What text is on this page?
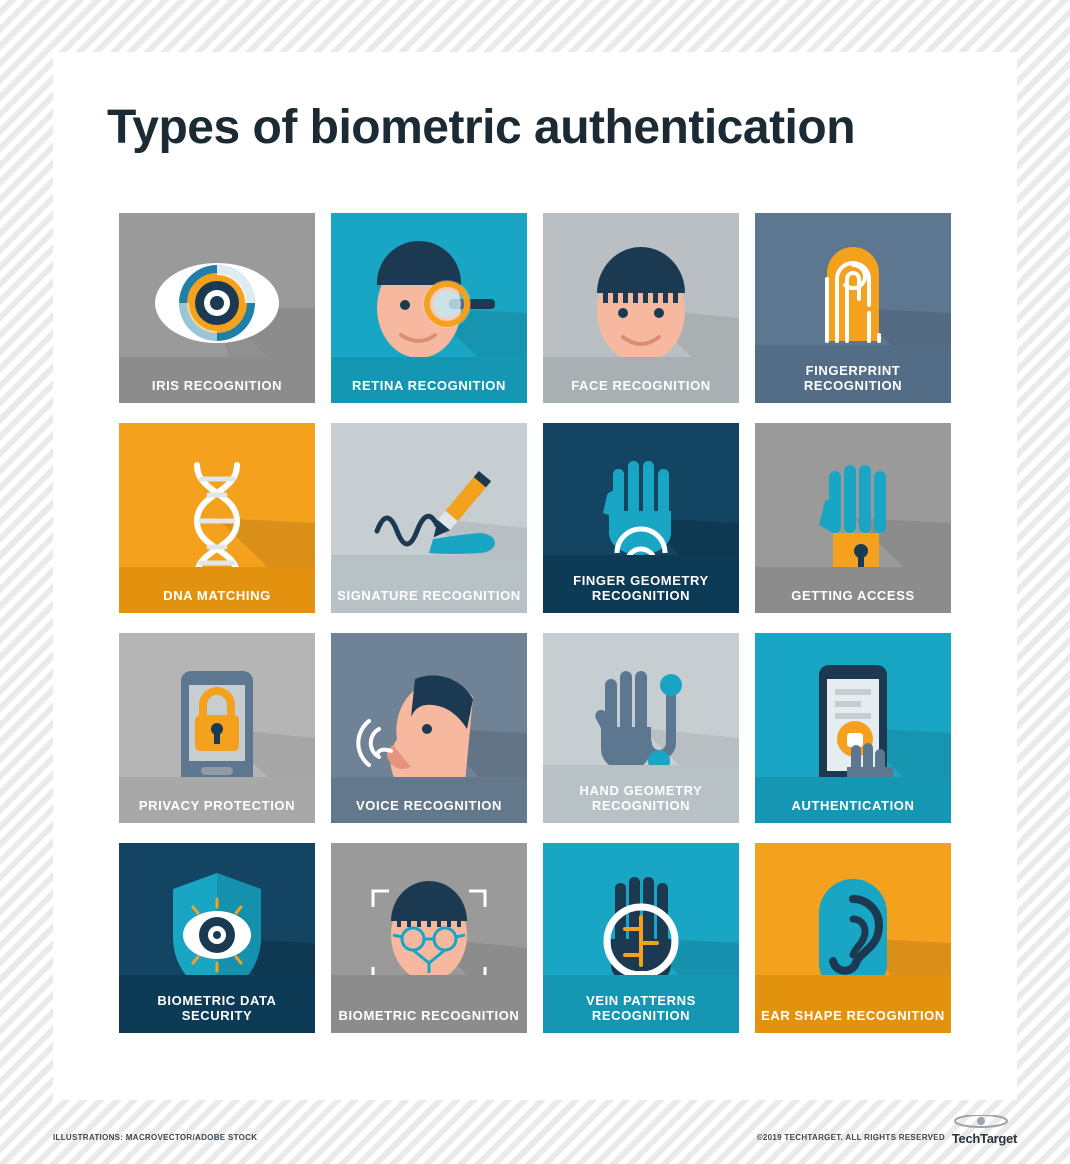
Types of biometric authentication
IRIS RECOGNITION	RETINA RECOGNITION	FACE RECOGNITION
FINGERPRINT RECOGNITION
DNA MATCHING	SIGNATURE RECOGNITION
FINGER GEOMETRY RECOGNITION	GETTING ACCESS
PRIVACY PROTECTION	VOICE RECOGNITION
HAND GEOMETRY RECOGNITION	AUTHENTICATION
BIOMETRIC DATA SECURITY	BIOMETRIC RECOGNITION
VEIN PATTERNS RECOGNITION	EAR SHAPE RECOGNITION
ILLUSTRATIONS: MACROVECTOR/ADOBE STOCK	©2019 TECHTARGET. ALL RIGHTS RESERVED TechTarget
